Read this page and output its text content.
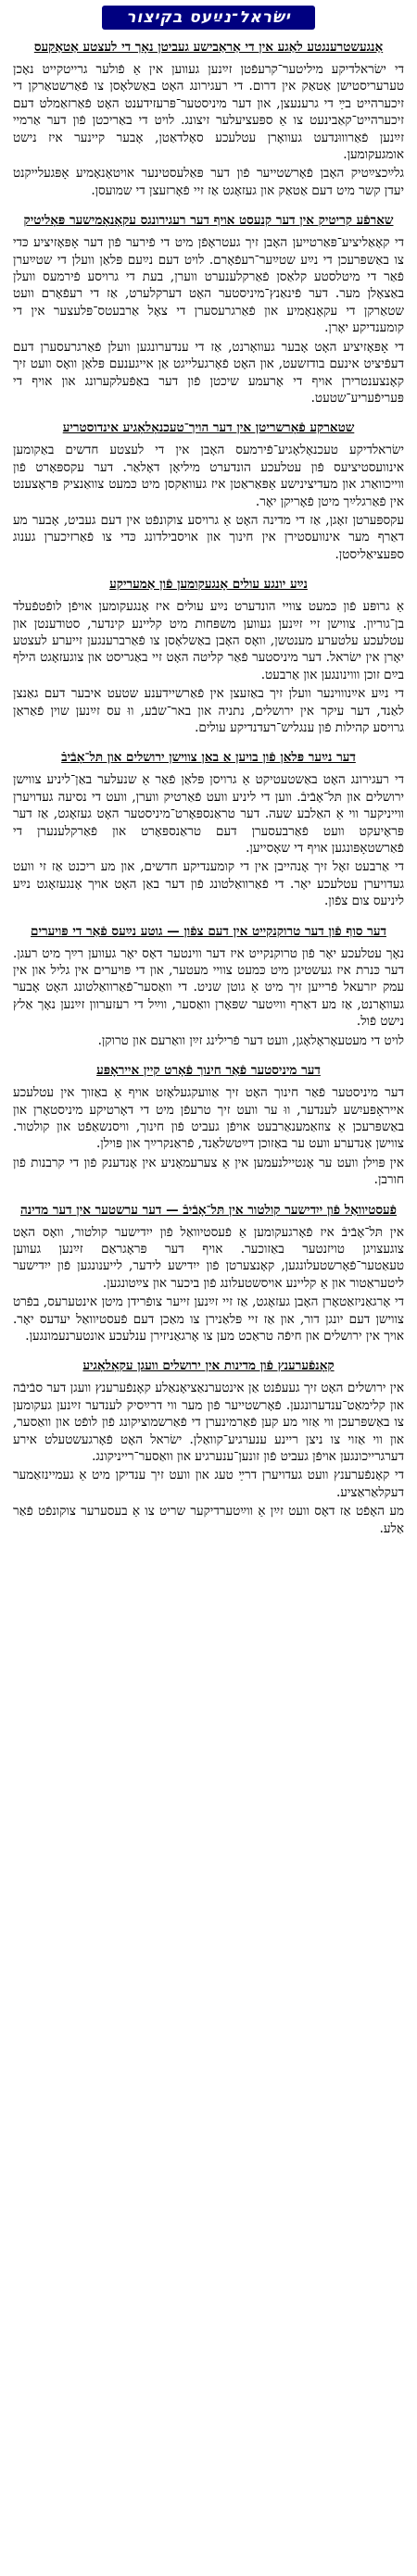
ישׂראל־נײַעס בקיצור
אַנגעשטרענגטע לאַגע אין די אַראַבישע געביטן נאָך די לעצטע אַטאַקעס

די ישׂראלדיקע מיליטער־קרעפֿטן זײַנען געווען אין אַ פֿולער גרייטקייט נאָכן טערעריסטישן אַטאַק אין דרום. די רעגירונג האָט באַשלאָסן צו פֿאַרשטאַרקן די זיכערהייט בײַ די גרענעצן, און דער מיניסטער־פּרעזידענט האָט פֿאַרזאַמלט דעם זיכערהייט־קאַבינעט צו אַ ספּעציעלער זיצונג. לויט די באַריכטן פֿון דער אַרמיי זײַנען פֿאַרוווּנדעט געוואָרן עטלעכע סאָלדאַטן, אָבער קיינער איז נישט אומגעקומען.

גלײַכצײַטיק האָבן פֿאָרשטייער פֿון דער פּאַלעסטינער אויטאָנאָמיע אָפּגעלייקנט יעדן קשר מיט דעם אַטאַק און געזאָגט אַז זיי פֿאָרזעצן די שמועסן.

שאַרפֿע קריטיק אין דער קנעסט אויף דער רעגירונגס עקאָנאָמישער פּאָליטיק

די קאָאַליציע־פּאַרטייען האָבן זיך געטראָפֿן מיט די פֿירער פֿון דער אָפּאָזיציע כּדי צו באַשפּרעכן די נײַע שטײַער־רעפֿאָרם. לויט דעם נײַעם פּלאַן וועלן די שטײַערן פֿאַר די מיטלסטע קלאַסן פֿאַרקלענערט ווערן, בעת די גרויסע פֿירמעס וועלן באַצאָלן מער. דער פֿינאַנץ־מיניסטער האָט דערקלערט, אַז די רעפֿאָרם וועט שטאַרקן די עקאָנאָמיע און פֿאַרגרעסערן די צאָל אַרבעטס־פּלעצער אין די קומענדיקע יאָרן.

די אָפּאָזיציע האָט אָבער געוואָרנט, אַז די ענדערונגען וועלן פֿאַרגרעסערן דעם דעפֿיציט אינעם בודזשעט, און האָט פֿאָרגעלייגט אַן אייגענעם פּלאַן וואָס וועט זיך קאָנצענטרירן אויף די אָרעמע שיכטן פֿון דער באַפֿעלקערונג און אויף די פּעריפֿעריע־שטעט.

שטאַרקע פֿאָרשריטן אין דער הויך־טעכנאָלאָגיע אינדוסטריע

ישׂראלדיקע טעכנאָלאָגיע־פֿירמעס האָבן אין די לעצטע חדשים באַקומען אינוועסטיציעס פֿון עטלעכע הונדערט מיליאָן דאָלאַר. דער עקספּאָרט פֿון ווייכוואַרג און מעדיצינישע אַפּאַראַטן איז געוואַקסן מיט כּמעט צוואַנציק פּראָצענט אין פֿאַרגלײַך מיטן פֿאָריקן יאָר.

עקספּערטן זאָגן, אַז די מדינה האָט אַ גרויסע צוקונפֿט אין דעם געביט, אָבער מע דאַרף מער אינוועסטירן אין חינוך און אויסבילדונג כּדי צו פֿאַרזיכערן גענוג ספּעציאַליסטן.

נײַע יונגע עולים אָנגעקומען פֿון אַמעריקע

אַ גרופּע פֿון כּמעט צוויי הונדערט נײַע עולים איז אָנגעקומען אויפֿן לופֿטפֿעלד בן־גוריון. צווישן זיי זײַנען געווען משפּחות מיט קליינע קינדער, סטודענטן און עטלעכע עלטערע מענטשן, וואָס האָבן באַשלאָסן צו פֿאַרברענגען זייערע לעצטע יאָרן אין ישׂראל. דער מיניסטער פֿאַר קליטה האָט זיי באַגריסט און צוגעזאָגט הילף בײַם זוכן וווינונגען און אַרבעט.

די נײַע אײַנוווינער וועלן זיך באַזעצן אין פֿאַרשיידענע שטעט איבער דעם גאַנצן לאַנד, דער עיקר אין ירושלים, נתניה און באר־שבֿע, ווּ עס זײַנען שוין פֿאַראַן גרויסע קהילות פֿון ענגליש־רעדנדיקע עולים.

דער נײַער פּלאַן פֿון בויען אַ באַן צווישן ירושלים און תּל־אָבֿיבֿ

די רעגירונג האָט באַשטעטיקט אַ גרויסן פּלאַן פֿאַר אַ שנעלער באַן־ליניע צווישן ירושלים און תּל־אָבֿיבֿ. ווען די ליניע וועט פֿאַרטיק ווערן, וועט די נסיעה געדויערן ווייניקער ווי אַ האַלבע שעה. דער טראַנספּאָרט־מיניסטער האָט געזאָגט, אַז דער פּראָיעקט וועט פֿאַרבעסערן דעם טראַנספּאָרט און פֿאַרקלענערן די פֿאַרשטאָפּונגען אויף די שאָסייען.

די אַרבעט זאָל זיך אָנהייבן אין די קומענדיקע חדשים, און מע ריכנט אַז זי וועט געדויערן עטלעכע יאָר. די פֿאַרוואַלטונג פֿון דער באַן האָט אויך אָנגעזאָגט נײַע ליניעס צום צפֿון.

דער סוף פֿון דער טרוקנקייט אין דעם צפֿון — גוטע נײַעס פֿאַר די פּויערים

נאָך עטלעכע יאָר פֿון טרוקנקייט איז דער ווינטער דאָס יאָר געווען רײַך מיט רעגן. דער כּנרת איז געשטיגן מיט כּמעט צוויי מעטער, און די פּויערים אין גליל און אין עמק יזרעאל פֿרייען זיך מיט אַ גוטן שניט. די וואַסער־פֿאַרוואַלטונג האָט אָבער געוואָרנט, אַז מע דאַרף ווײַטער שפּאָרן וואַסער, ווײַל די רעזערוון זײַנען נאָך אַלץ נישט פֿול.

לויט די מעטעאָראָלאָגן, וועט דער פֿרילינג זײַן וואַרעם און טרוקן.

דער מיניסטער פֿאַר חינוך פֿאָרט קיין אייראָפּע

דער מיניסטער פֿאַר חינוך האָט זיך אַוועקגעלאָזט אויף אַ באַזוך אין עטלעכע אייראָפּעיִשע לענדער, ווּ ער וועט זיך טרעפֿן מיט די דאָרטיקע מיניסטאָרן און באַשפּרעכן אַ צוזאַמענאַרבעט אויפֿן געביט פֿון חינוך, וויסנשאַפֿט און קולטור. צווישן אַנדערע וועט ער באַזוכן דײַטשלאַנד, פֿראַנקרײַך און פּוילן.

אין פּוילן וועט ער אָנטיילנעמען אין אַ צערעמאָניע אין אָנדענק פֿון די קרבנות פֿון חורבן.

פֿעסטיוואַל פֿון ייִדישער קולטור אין תּל־אָבֿיבֿ — דער ערשטער אין דער מדינה

אין תּל־אָבֿיבֿ איז פֿאָרגעקומען אַ פֿעסטיוואַל פֿון ייִדישער קולטור, וואָס האָט צוגעצויגן טויזנטער באַזוכער. אויף דער פּראָגראַם זײַנען געווען טעאַטער־פֿאָרשטעלונגען, קאָנצערטן פֿון ייִדישע לידער, לייענונגען פֿון ייִדישער ליטעראַטור און אַ קליינע אויסשטעלונג פֿון ביכער און צײַטונגען.

די אָרגאַניזאַטאָרן האָבן געזאָגט, אַז זיי זײַנען זייער צופֿרידן מיטן אינטערעס, בפֿרט צווישן דעם יונגן דור, און אַז זיי פּלאַנירן צו מאַכן דעם פֿעסטיוואַל יעדעס יאָר. אויך אין ירושלים און חיפֿה טראַכט מען צו אָרגאַניזירן ענלעכע אונטערנעמונגען.

קאָנפֿערענץ פֿון מדינות אין ירושלים וועגן עקאָלאָגיע

אין ירושלים האָט זיך געעפֿנט אַן אינטערנאַציאָנאַלע קאָנפֿערענץ וועגן דער סבֿיבֿה און קלימאַט־ענדערונגען. פֿאָרשטייער פֿון מער ווי דרײַסיק לענדער זײַנען געקומען צו באַשפּרעכן ווי אַזוי מע קען פֿאַרמינערן די פֿאַרשמוציקונג פֿון לופֿט און וואַסער, און ווי אַזוי צו ניצן ריינע ענערגיע־קוואַלן. ישׂראל האָט פֿאָרגעשטעלט אירע דערגרייכונגען אויפֿן געביט פֿון זונען־ענערגיע און וואַסער־רייניקונג.

די קאָנפֿערענץ וועט געדויערן דרײַ טעג און וועט זיך ענדיקן מיט אַ געמיינזאַמער דעקלאַראַציע.

מע האָפֿט אַז דאָס וועט זײַן אַ ווײַטערדיקער שריט צו אַ בעסערער צוקונפֿט פֿאַר אַלע.
